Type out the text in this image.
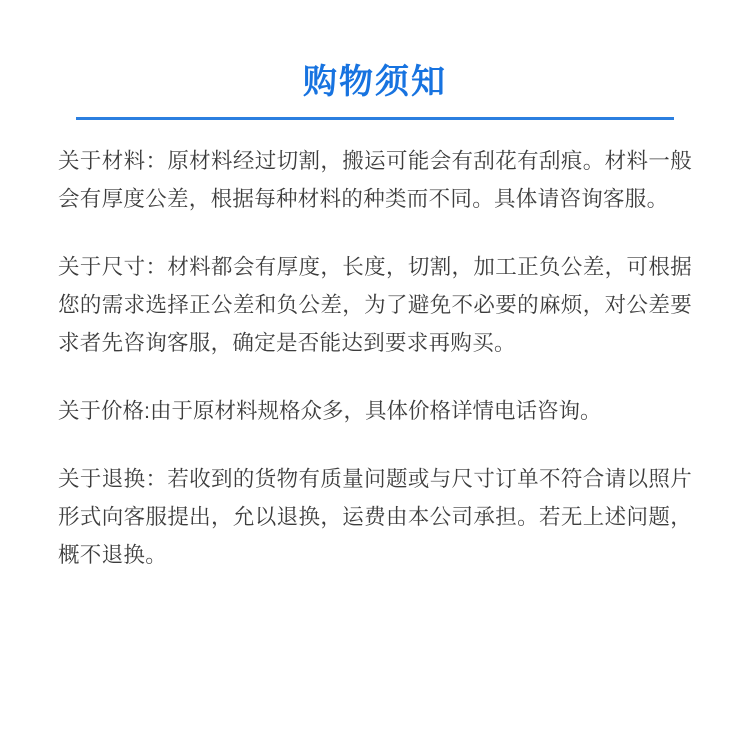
购物须知

关于材料：原材料经过切割，搬运可能会有刮花有刮痕。材料一般会有厚度公差，根据每种材料的种类而不同。具体请咨询客服。

关于尺寸：材料都会有厚度，长度，切割，加工正负公差，可根据您的需求选择正公差和负公差，为了避免不必要的麻烦，对公差要求者先咨询客服，确定是否能达到要求再购买。

关于价格:由于原材料规格众多，具体价格详情电话咨询。

关于退换：若收到的货物有质量问题或与尺寸订单不符合请以照片形式向客服提出，允以退换，运费由本公司承担。若无上述问题，概不退换。
